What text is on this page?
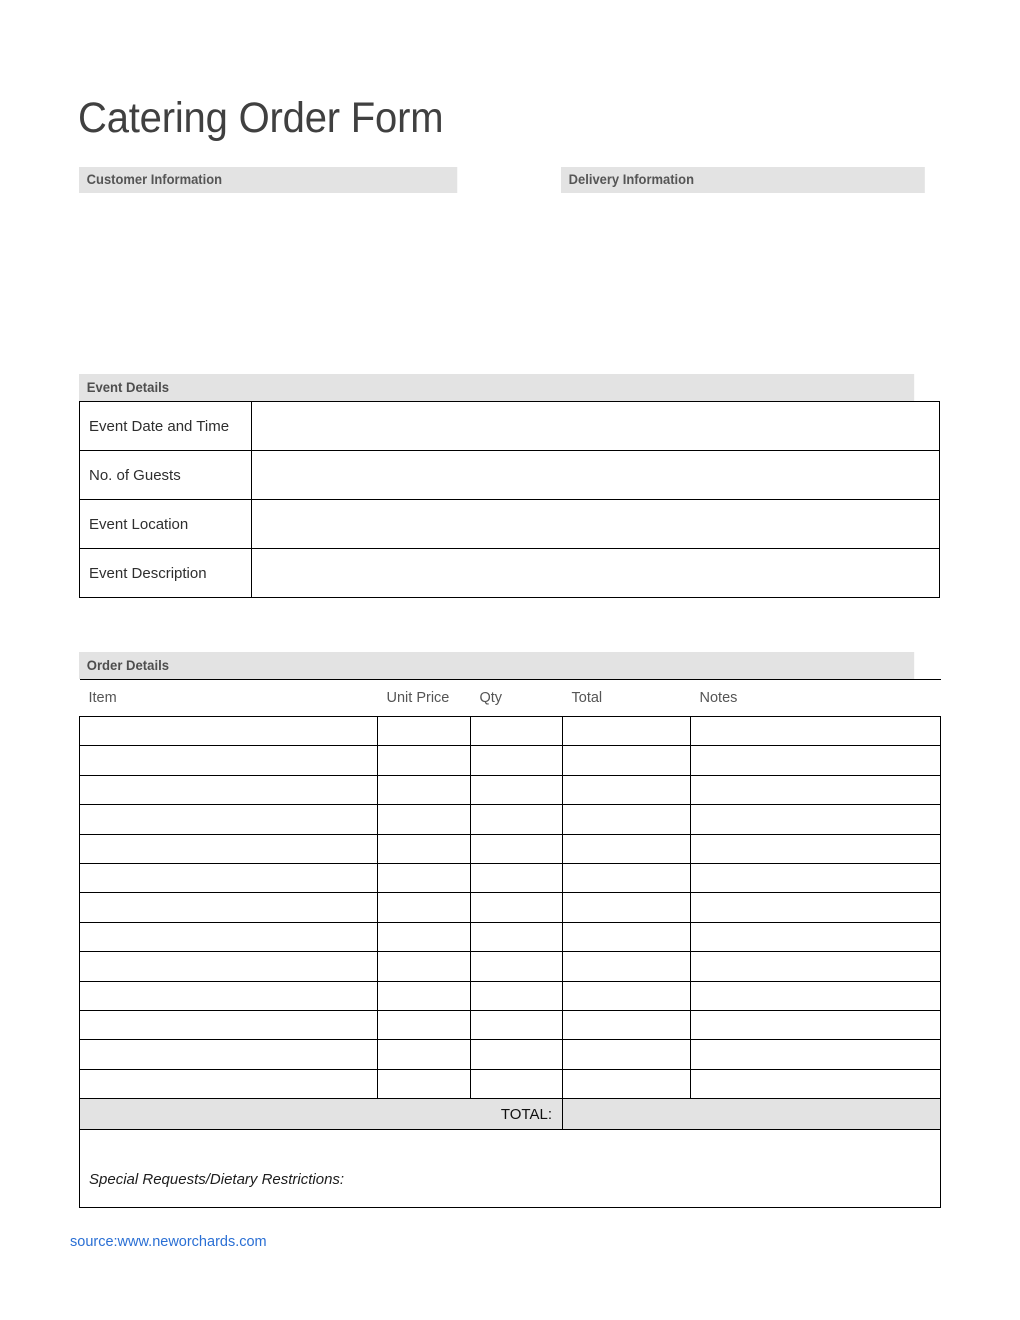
Catering Order Form
Customer Information	Delivery Information
Event Details
Event Date and Time	
No. of Guests	
Event Location	
Event Description	
Order Details
Item	Unit Price	Qty	Total	Notes

TOTAL:				
Special Requests/Dietary Restrictions:				
source:www.neworchards.com
